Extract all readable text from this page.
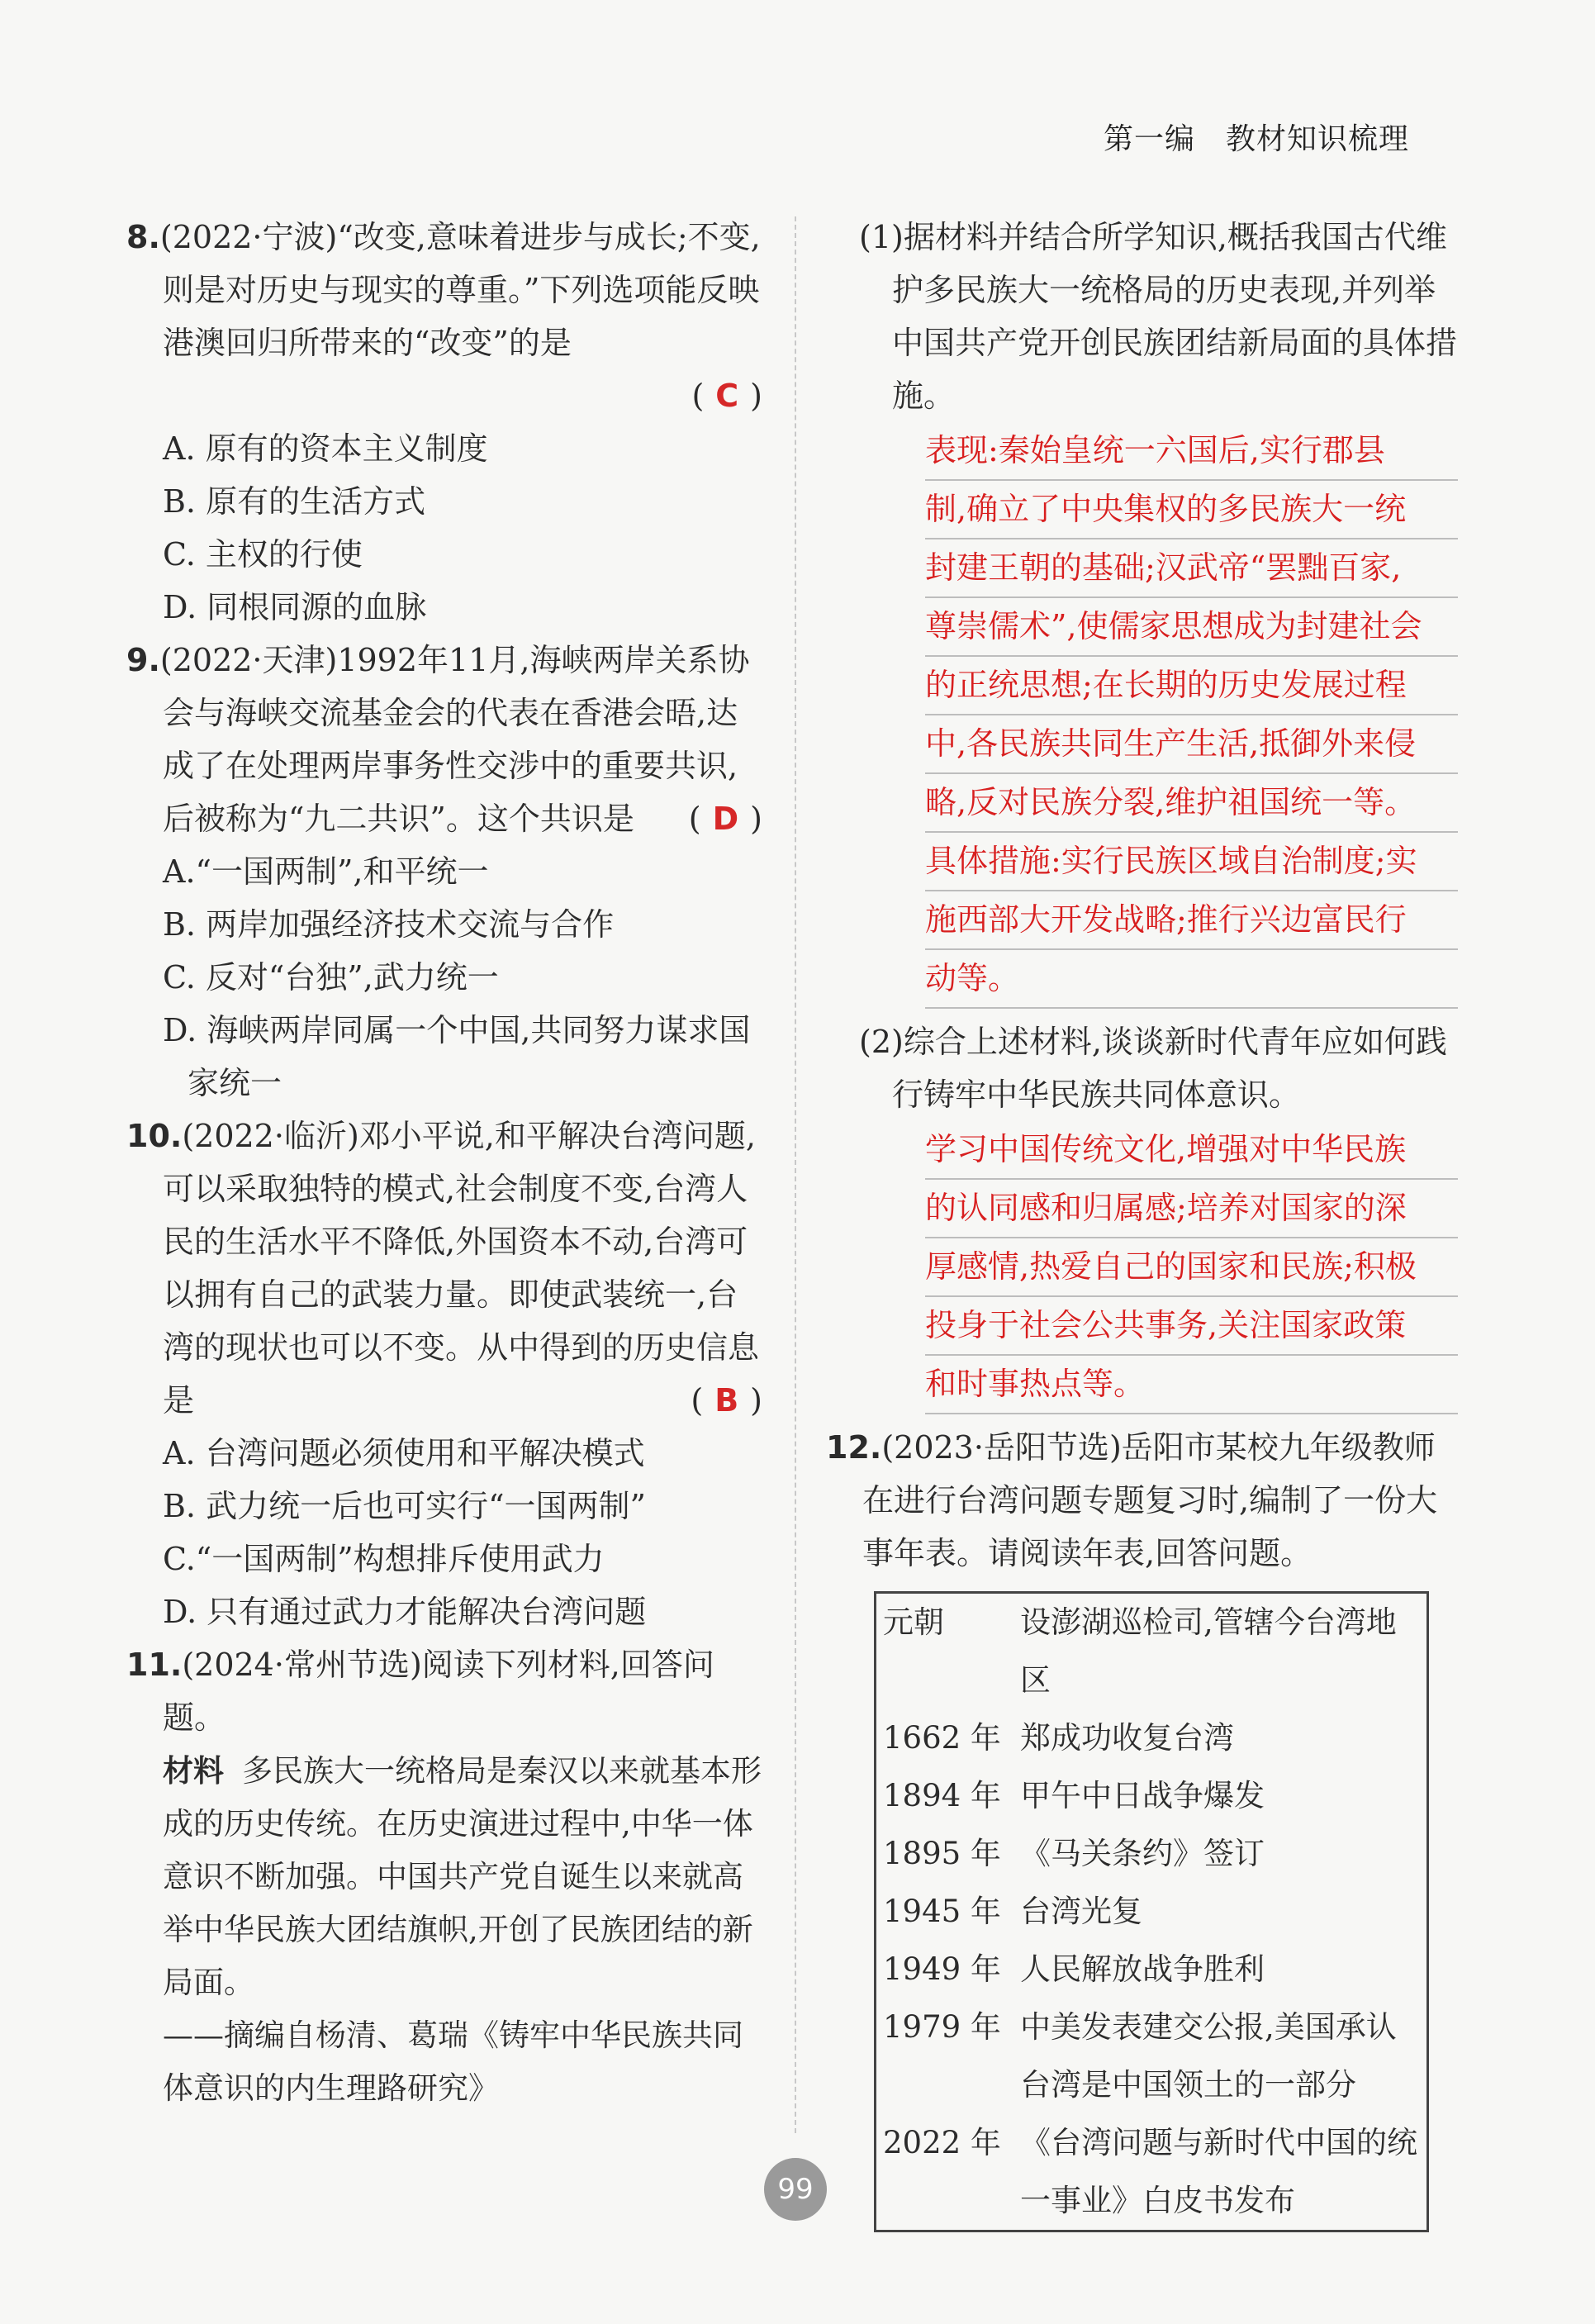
第一编　教材知识梳理
8.(2022·宁波)“改变,意味着进步与成长;不变,则是对历史与现实的尊重。”下列选项能反映港澳回归所带来的“改变”的是
( C )
A. 原有的资本主义制度
B. 原有的生活方式
C. 主权的行使
D. 同根同源的血脉
9.(2022·天津)1992年11月,海峡两岸关系协会与海峡交流基金会的代表在香港会晤,达成了在处理两岸事务性交涉中的重要共识,后被称为“九二共识”。这个共识是	( D )
A.“一国两制”,和平统一
B. 两岸加强经济技术交流与合作
C. 反对“台独”,武力统一
D. 海峡两岸同属一个中国,共同努力谋求国家统一
10.(2022·临沂)邓小平说,和平解决台湾问题,可以采取独特的模式,社会制度不变,台湾人民的生活水平不降低,外国资本不动,台湾可以拥有自己的武装力量。即使武装统一,台湾的现状也可以不变。从中得到的历史信息是	( B )
A. 台湾问题必须使用和平解决模式
B. 武力统一后也可实行“一国两制”
C.“一国两制”构想排斥使用武力
D. 只有通过武力才能解决台湾问题
11.(2024·常州节选)阅读下列材料,回答问题。
材料 多民族大一统格局是秦汉以来就基本形成的历史传统。在历史演进过程中,中华一体意识不断加强。中国共产党自诞生以来就高举中华民族大团结旗帜,开创了民族团结的新局面。
——摘编自杨清、葛瑞《铸牢中华民族共同体意识的内生理路研究》
(1)据材料并结合所学知识,概括我国古代维护多民族大一统格局的历史表现,并列举中国共产党开创民族团结新局面的具体措施。
表现:秦始皇统一六国后,实行郡县
制,确立了中央集权的多民族大一统
封建王朝的基础;汉武帝“罢黜百家,
尊崇儒术”,使儒家思想成为封建社会
的正统思想;在长期的历史发展过程
中,各民族共同生产生活,抵御外来侵
略,反对民族分裂,维护祖国统一等。
具体措施:实行民族区域自治制度;实
施西部大开发战略;推行兴边富民行
动等。
(2)综合上述材料,谈谈新时代青年应如何践行铸牢中华民族共同体意识。
学习中国传统文化,增强对中华民族
的认同感和归属感;培养对国家的深
厚感情,热爱自己的国家和民族;积极
投身于社会公共事务,关注国家政策
和时事热点等。
12.(2023·岳阳节选)岳阳市某校九年级教师在进行台湾问题专题复习时,编制了一份大事年表。请阅读年表,回答问题。
元朝	设澎湖巡检司,管辖今台湾地区
1662 年	郑成功收复台湾
1894 年	甲午中日战争爆发
1895 年	《马关条约》签订
1945 年	台湾光复
1949 年	人民解放战争胜利
1979 年	中美发表建交公报,美国承认台湾是中国领土的一部分
2022 年	《台湾问题与新时代中国的统一事业》白皮书发布
99
